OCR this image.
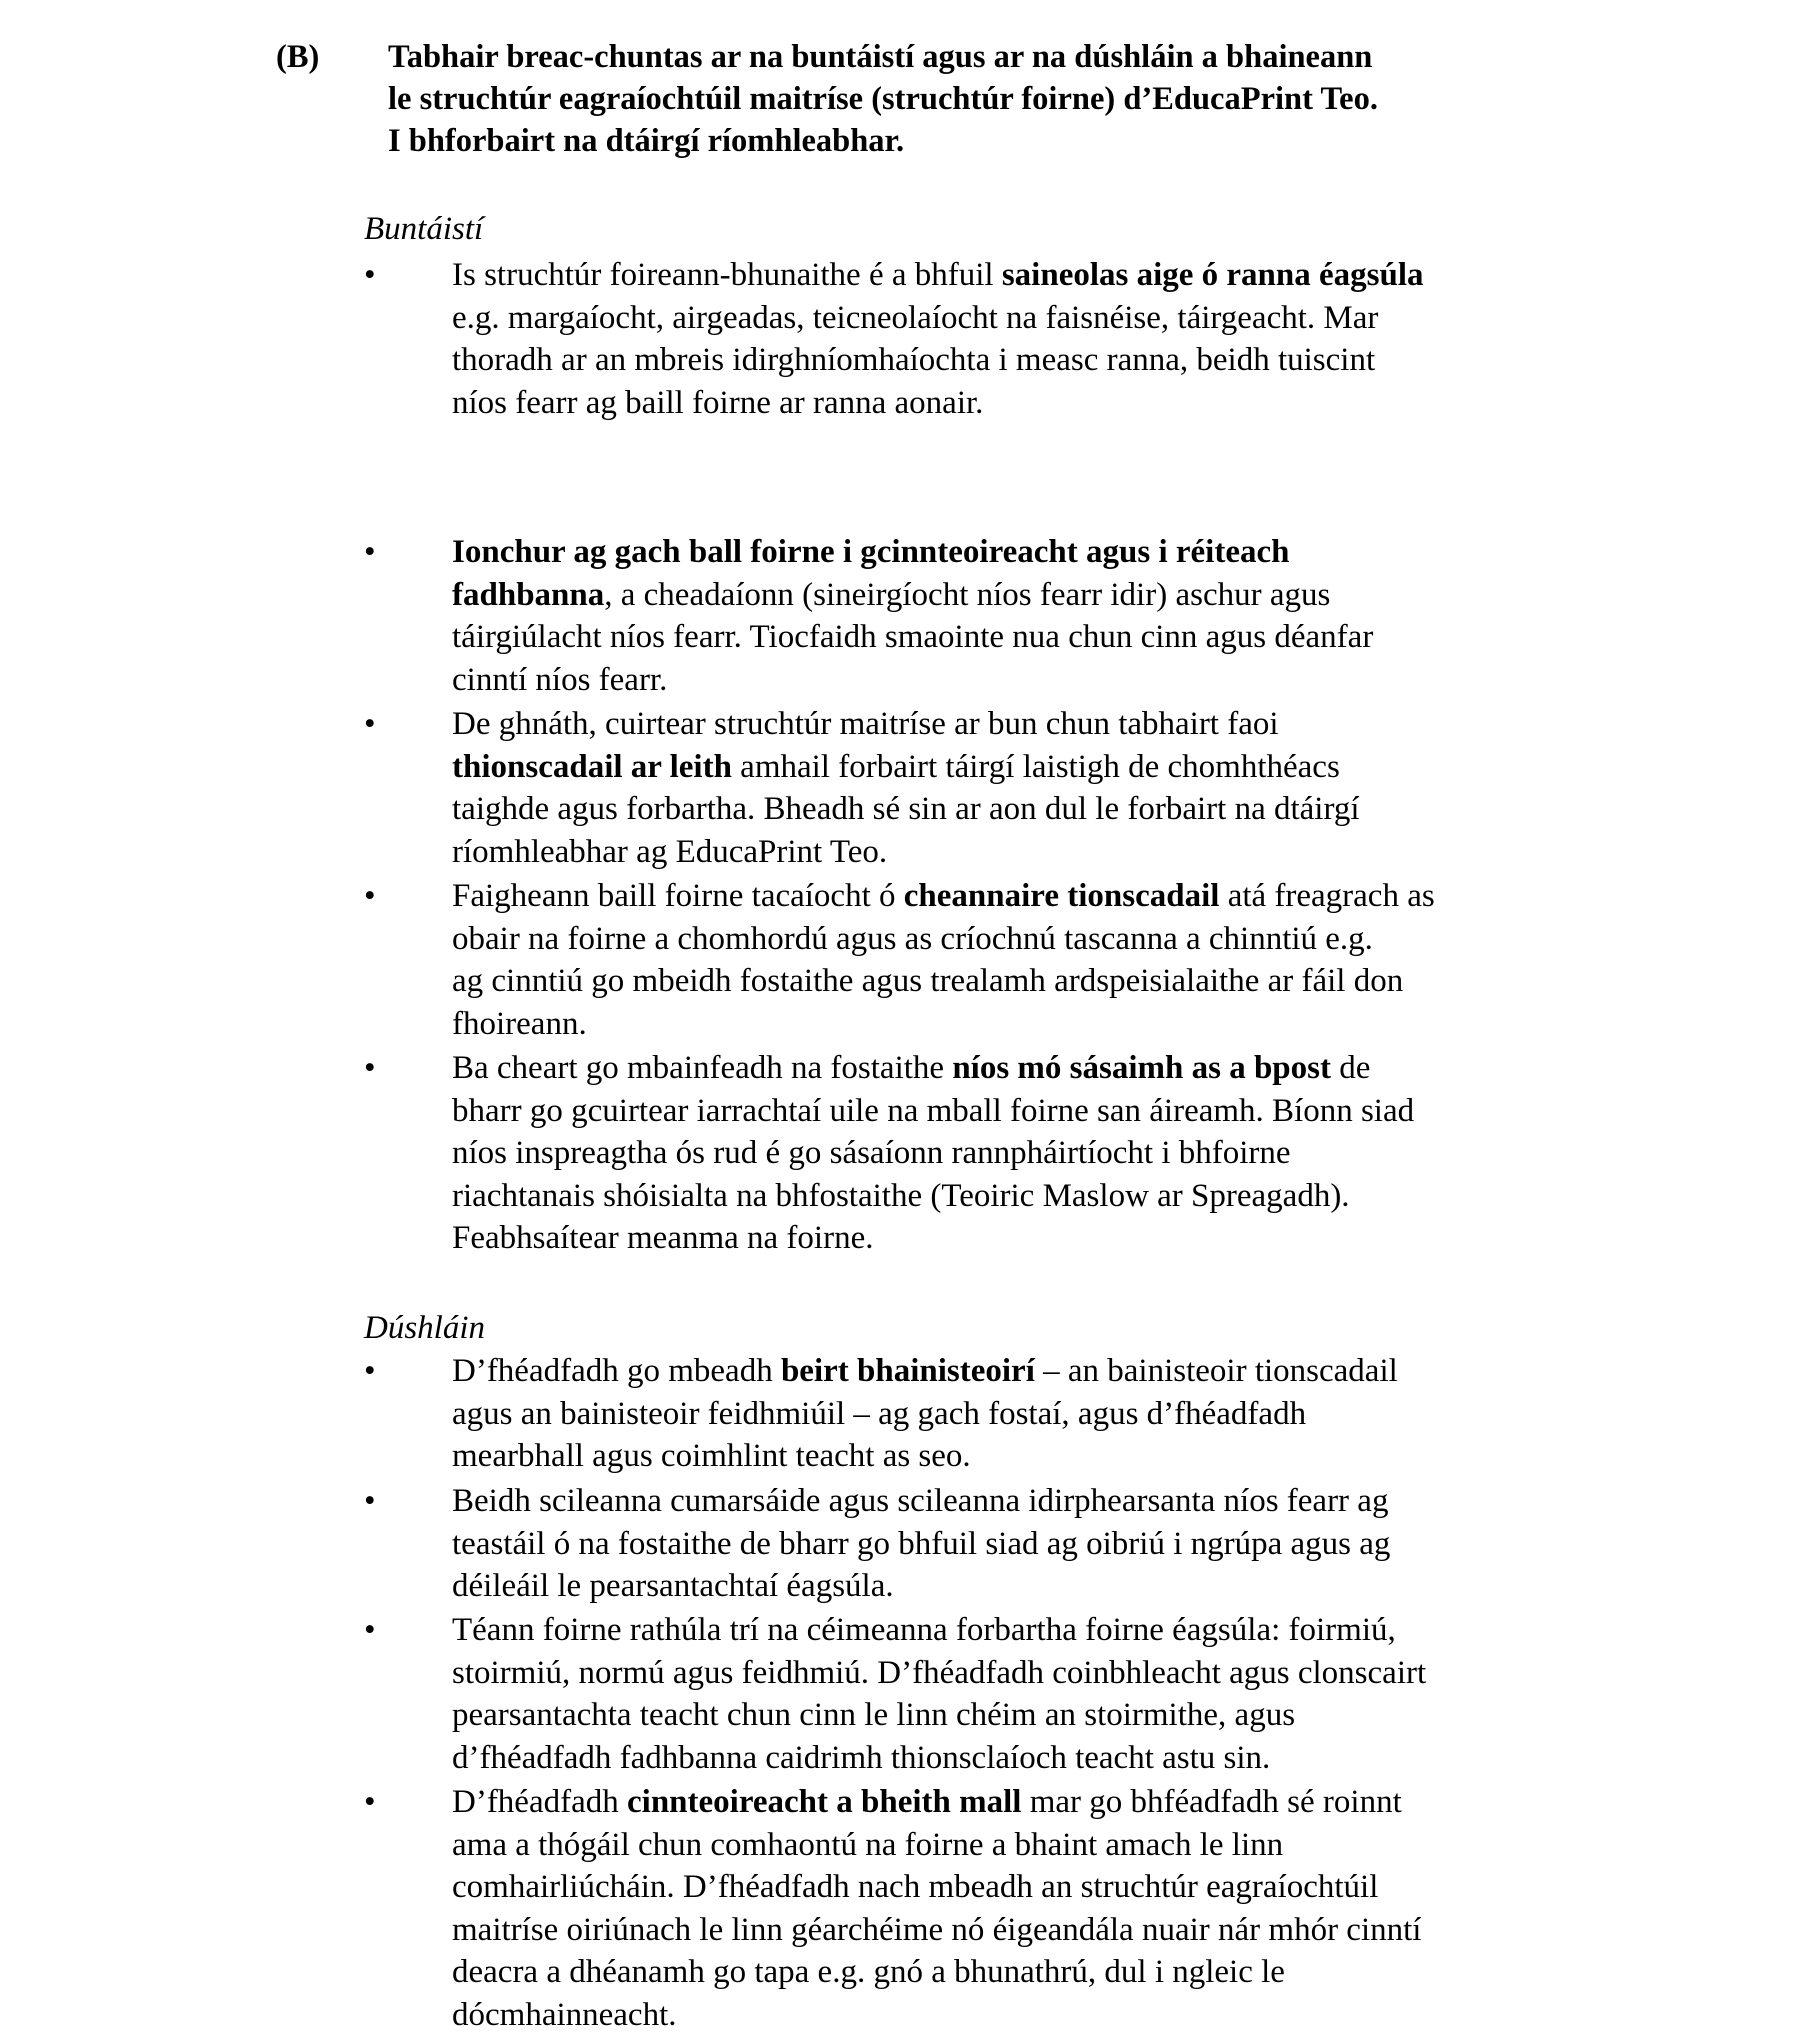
(B) Tabhair breac-chuntas ar na buntáistí agus ar na dúshláin a bhaineann
le struchtúr eagraíochtúil maitríse (struchtúr foirne) d’EducaPrint Teo.
I bhforbairt na dtáirgí ríomhleabhar.
Buntáistí
•	Is struchtúr foireann-bhunaithe é a bhfuil saineolas aige ó ranna éagsúla
e.g. margaíocht, airgeadas, teicneolaíocht na faisnéise, táirgeacht. Mar
thoradh ar an mbreis idirghníomhaíochta i measc ranna, beidh tuiscint
níos fearr ag baill foirne ar ranna aonair.
•	Ionchur ag gach ball foirne i gcinnteoireacht agus i réiteach
fadhbanna, a cheadaíonn (sineirgíocht níos fearr idir) aschur agus
táirgiúlacht níos fearr. Tiocfaidh smaointe nua chun cinn agus déanfar
cinntí níos fearr.
•	De ghnáth, cuirtear struchtúr maitríse ar bun chun tabhairt faoi
thionscadail ar leith amhail forbairt táirgí laistigh de chomhthéacs
taighde agus forbartha. Bheadh sé sin ar aon dul le forbairt na dtáirgí
ríomhleabhar ag EducaPrint Teo.
•	Faigheann baill foirne tacaíocht ó cheannaire tionscadail atá freagrach as
obair na foirne a chomhordú agus as críochnú tascanna a chinntiú e.g.
ag cinntiú go mbeidh fostaithe agus trealamh ardspeisialaithe ar fáil don
fhoireann.
•	Ba cheart go mbainfeadh na fostaithe níos mó sásaimh as a bpost de
bharr go gcuirtear iarrachtaí uile na mball foirne san áireamh. Bíonn siad
níos inspreagtha ós rud é go sásaíonn rannpháirtíocht i bhfoirne
riachtanais shóisialta na bhfostaithe (Teoiric Maslow ar Spreagadh).
Feabhsaítear meanma na foirne.
Dúshláin
•	D’fhéadfadh go mbeadh beirt bhainisteoirí – an bainisteoir tionscadail
agus an bainisteoir feidhmiúil – ag gach fostaí, agus d’fhéadfadh
mearbhall agus coimhlint teacht as seo.
•	Beidh scileanna cumarsáide agus scileanna idirphearsanta níos fearr ag
teastáil ó na fostaithe de bharr go bhfuil siad ag oibriú i ngrúpa agus ag
déileáil le pearsantachtaí éagsúla.
•	Téann foirne rathúla trí na céimeanna forbartha foirne éagsúla: foirmiú,
stoirmiú, normú agus feidhmiú. D’fhéadfadh coinbhleacht agus clonscairt
pearsantachta teacht chun cinn le linn chéim an stoirmithe, agus
d’fhéadfadh fadhbanna caidrimh thionsclaíoch teacht astu sin.
•	D’fhéadfadh cinnteoireacht a bheith mall mar go bhféadfadh sé roinnt
ama a thógáil chun comhaontú na foirne a bhaint amach le linn
comhairliúcháin. D’fhéadfadh nach mbeadh an struchtúr eagraíochtúil
maitríse oiriúnach le linn géarchéime nó éigeandála nuair nár mhór cinntí
deacra a dhéanamh go tapa e.g. gnó a bhunathrú, dul i ngleic le
dócmhainneacht.
